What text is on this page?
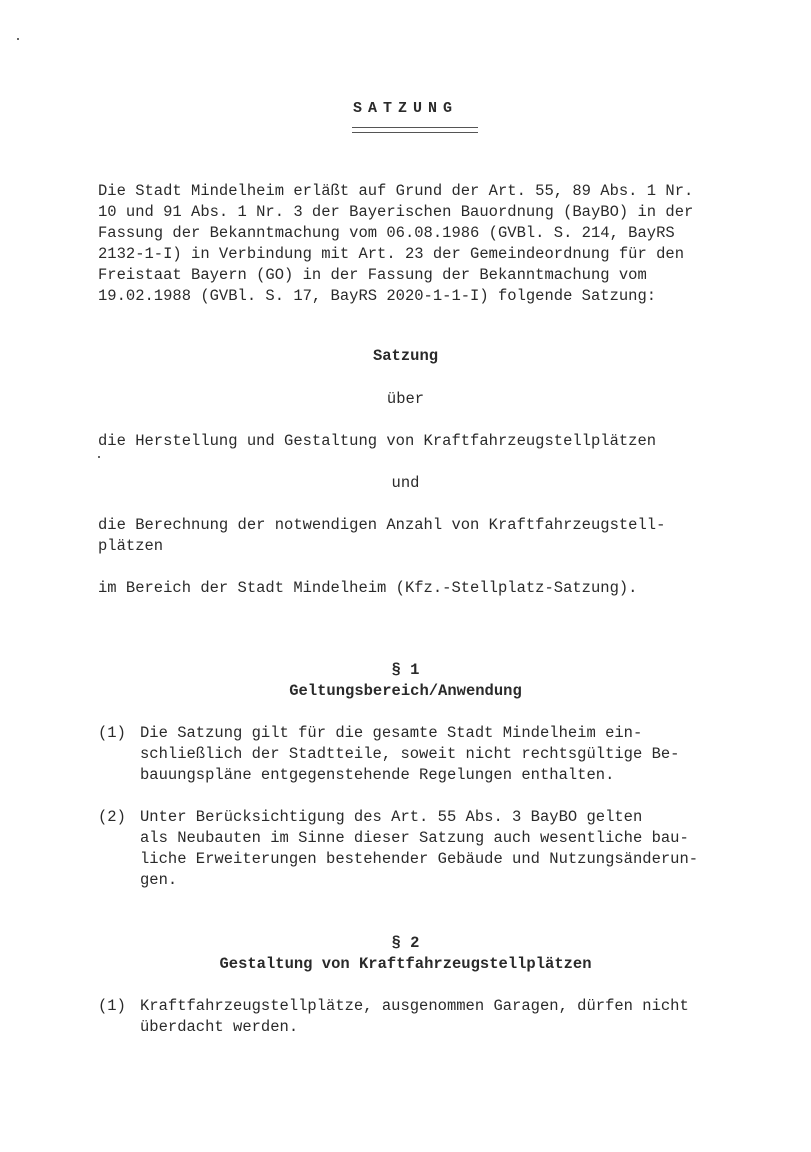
SATZUNG

Die Stadt Mindelheim erläßt auf Grund der Art. 55, 89 Abs. 1 Nr.

10 und 91 Abs. 1 Nr. 3 der Bayerischen Bauordnung (BayBO) in der

Fassung der Bekanntmachung vom 06.08.1986 (GVBl. S. 214, BayRS

2132-1-I) in Verbindung mit Art. 23 der Gemeindeordnung für den

Freistaat Bayern (GO) in der Fassung der Bekanntmachung vom

19.02.1988 (GVBl. S. 17, BayRS 2020-1-1-I) folgende Satzung:

Satzung

über

die Herstellung und Gestaltung von Kraftfahrzeugstellplätzen

und

die Berechnung der notwendigen Anzahl von Kraftfahrzeugstell-

plätzen

im Bereich der Stadt Mindelheim (Kfz.-Stellplatz-Satzung).

§ 1

Geltungsbereich/Anwendung

(1) Die Satzung gilt für die gesamte Stadt Mindelheim ein-

schließlich der Stadtteile, soweit nicht rechtsgültige Be-

bauungspläne entgegenstehende Regelungen enthalten.

(2) Unter Berücksichtigung des Art. 55 Abs. 3 BayBO gelten

als Neubauten im Sinne dieser Satzung auch wesentliche bau-

liche Erweiterungen bestehender Gebäude und Nutzungsänderun-

gen.

§ 2

Gestaltung von Kraftfahrzeugstellplätzen

(1) Kraftfahrzeugstellplätze, ausgenommen Garagen, dürfen nicht

überdacht werden.
